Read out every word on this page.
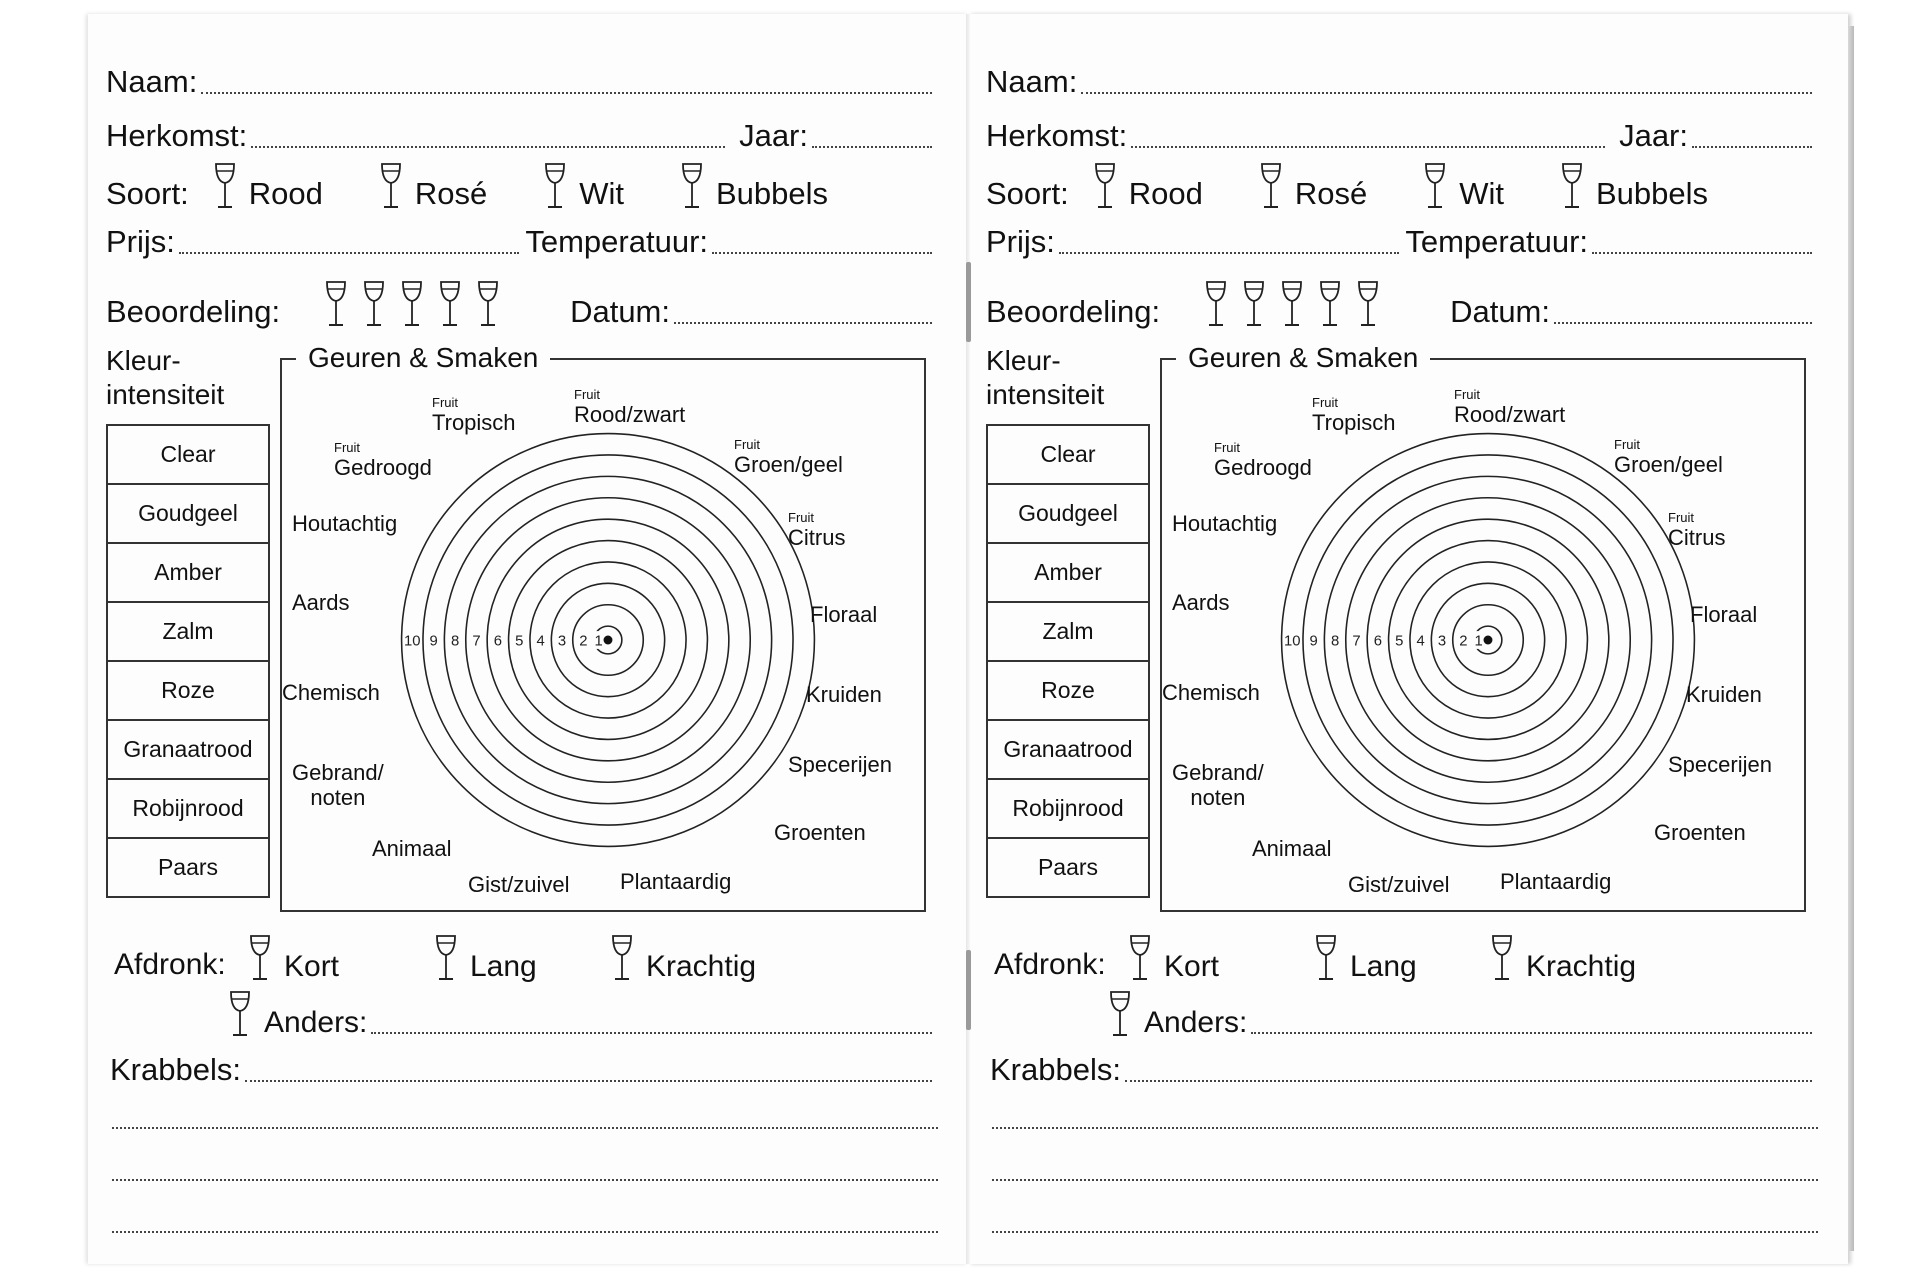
Naam:
Herkomst:	Jaar:
Soort: Rood	Rosé	Wit	Bubbels
Prijs:	Temperatuur:
Beoordeling:	Datum:
Kleur-
intensiteit
Clear
Goudgeel
Amber
Zalm
Roze
Granaatrood
Robijnrood
Paars
Geuren & Smaken
10 9 8 7 6 5 4 3 2 1
Fruit
Tropisch
Fruit
Rood/zwart
Fruit
Gedroogd
Fruit
Groen/geel
Fruit
Citrus
Houtachtig
Aards	Floraal
Chemisch	Kruiden
Gebrand/
noten
Specerijen
Animaal
Groenten
Gist/zuivel Plantaardig
Afdronk: Kort	Lang	Krachtig
Anders:
Krabbels:
Naam:
Herkomst:	Jaar:
Soort: Rood	Rosé	Wit	Bubbels
Prijs:	Temperatuur:
Beoordeling:	Datum:
Kleur-
intensiteit
Clear
Goudgeel
Amber
Zalm
Roze
Granaatrood
Robijnrood
Paars
Geuren & Smaken
10 9 8 7 6 5 4 3 2 1
Fruit
Tropisch
Fruit
Rood/zwart
Fruit
Gedroogd
Fruit
Groen/geel
Fruit
Citrus
Houtachtig
Aards	Floraal
Chemisch	Kruiden
Gebrand/
noten
Specerijen
Animaal
Groenten
Gist/zuivel Plantaardig
Afdronk: Kort	Lang	Krachtig
Anders:
Krabbels:
